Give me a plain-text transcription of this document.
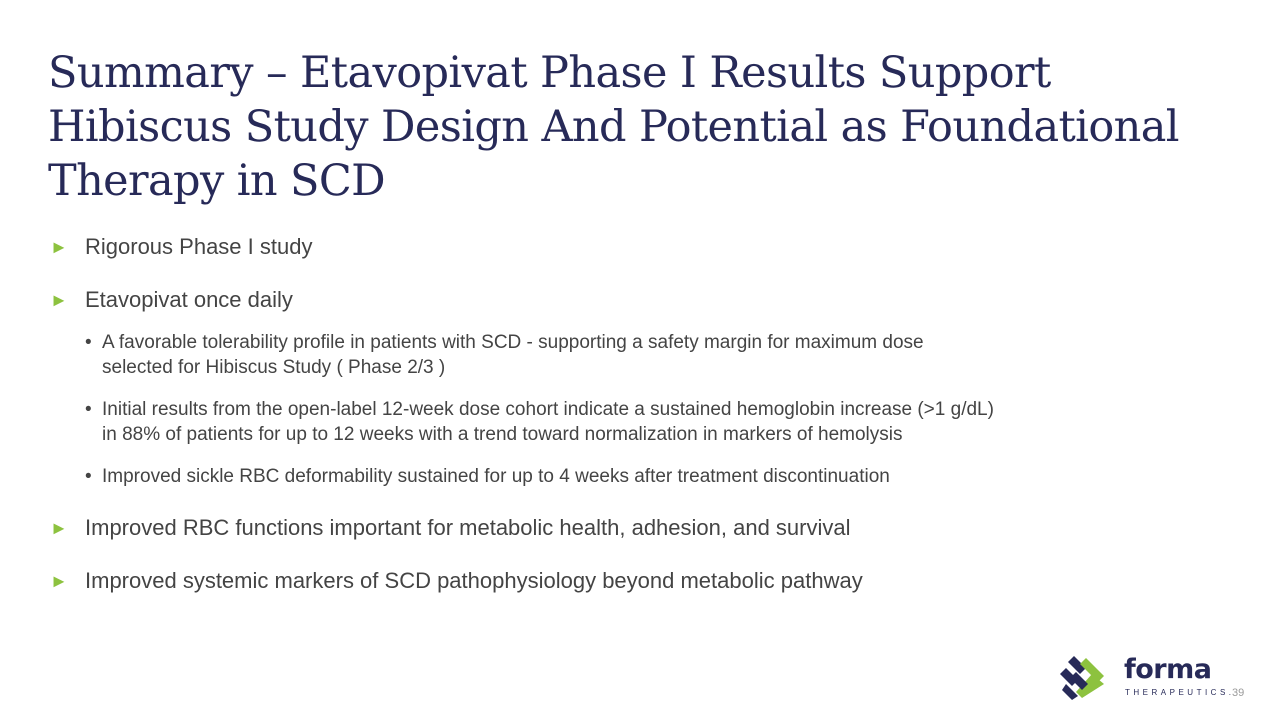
Summary – Etavopivat Phase I Results Support
Hibiscus Study Design And Potential as Foundational
Therapy in SCD
► Rigorous Phase I study
► Etavopivat once daily
• A favorable tolerability profile in patients with SCD - supporting a safety margin for maximum dose
selected for Hibiscus Study ( Phase 2/3 )
• Initial results from the open-label 12-week dose cohort indicate a sustained hemoglobin increase (>1 g/dL)
in 88% of patients for up to 12 weeks with a trend toward normalization in markers of hemolysis
• Improved sickle RBC deformability sustained for up to 4 weeks after treatment discontinuation
► Improved RBC functions important for metabolic health, adhesion, and survival
► Improved systemic markers of SCD pathophysiology beyond metabolic pathway
forma
THERAPEUTICS.
39
